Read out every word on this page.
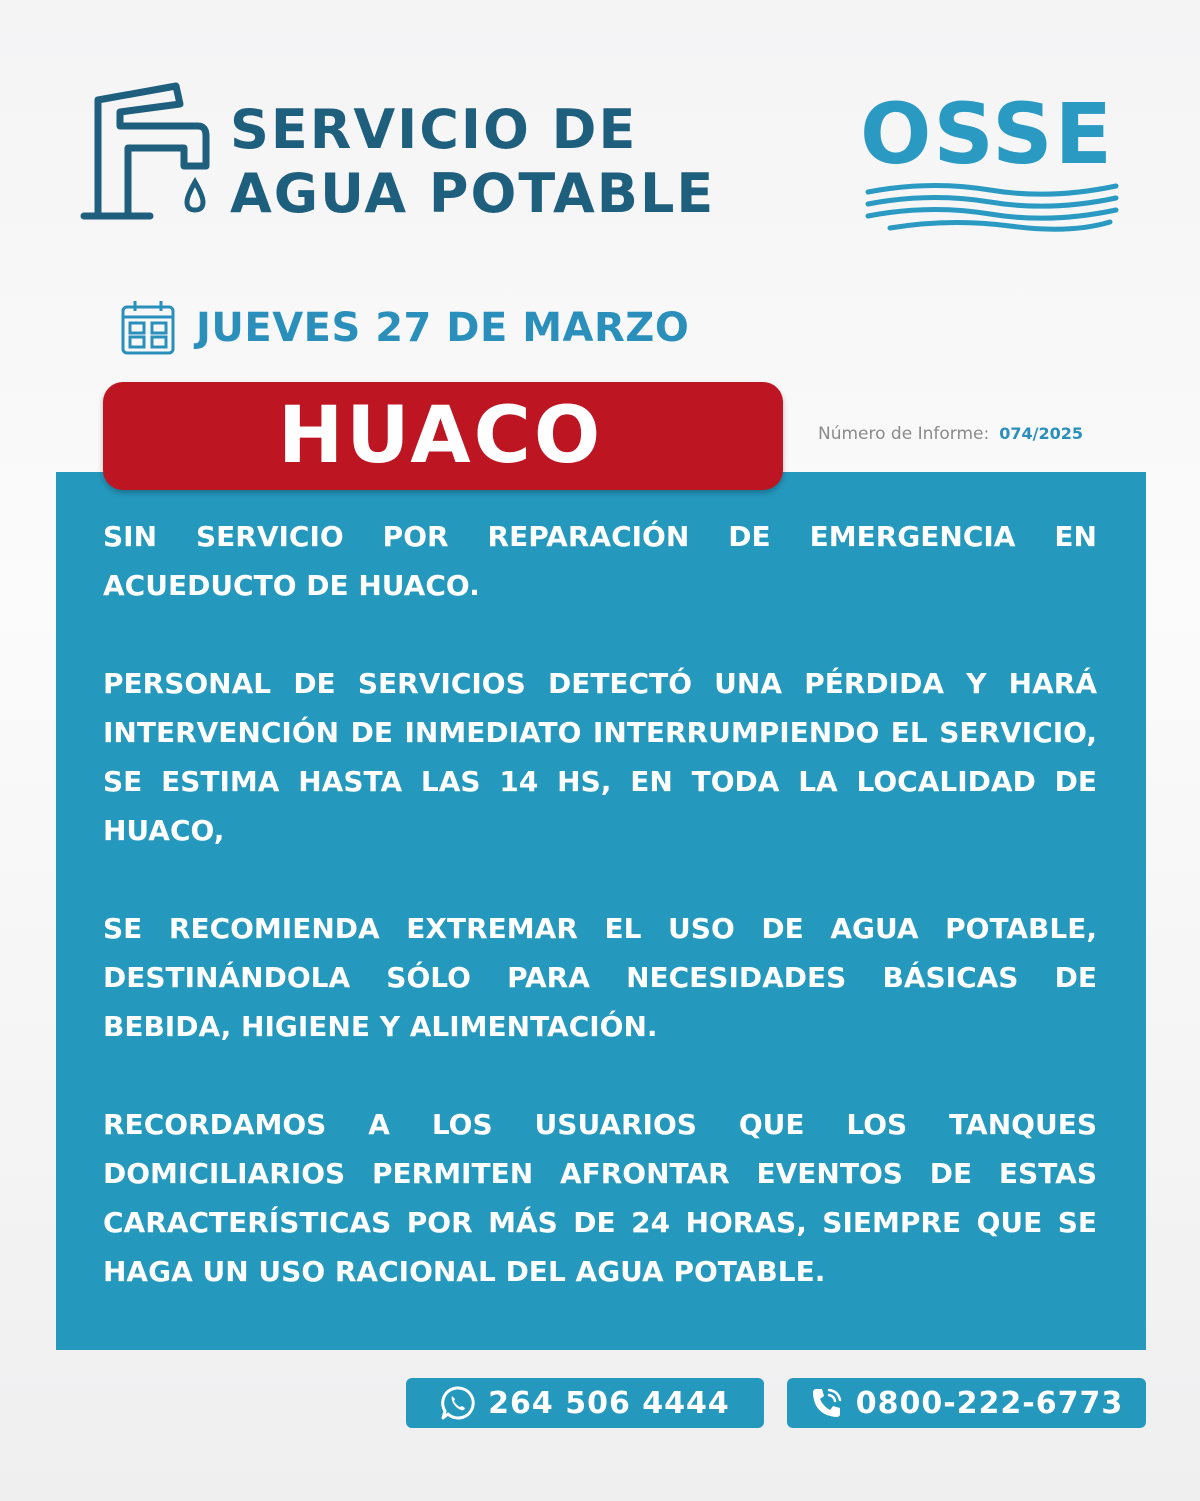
SERVICIO DE
AGUA POTABLE
OSSE
JUEVES 27 DE MARZO
HUACO	Número de Informe: 074/2025

SIN SERVICIO POR REPARACIÓN DE EMERGENCIA EN ACUEDUCTO DE HUACO.

PERSONAL DE SERVICIOS DETECTÓ UNA PÉRDIDA Y HARÁ INTERVENCIÓN DE INMEDIATO INTERRUMPIENDO EL SERVICIO, SE ESTIMA HASTA LAS 14 HS, EN TODA LA LOCALIDAD DE HUACO,

SE RECOMIENDA EXTREMAR EL USO DE AGUA POTABLE, DESTINÁNDOLA SÓLO PARA NECESIDADES BÁSICAS DE BEBIDA, HIGIENE Y ALIMENTACIÓN.

RECORDAMOS A LOS USUARIOS QUE LOS TANQUES DOMICILIARIOS PERMITEN AFRONTAR EVENTOS DE ESTAS CARACTERÍSTICAS POR MÁS DE 24 HORAS, SIEMPRE QUE SE HAGA UN USO RACIONAL DEL AGUA POTABLE.

264 506 4444	0800-222-6773
